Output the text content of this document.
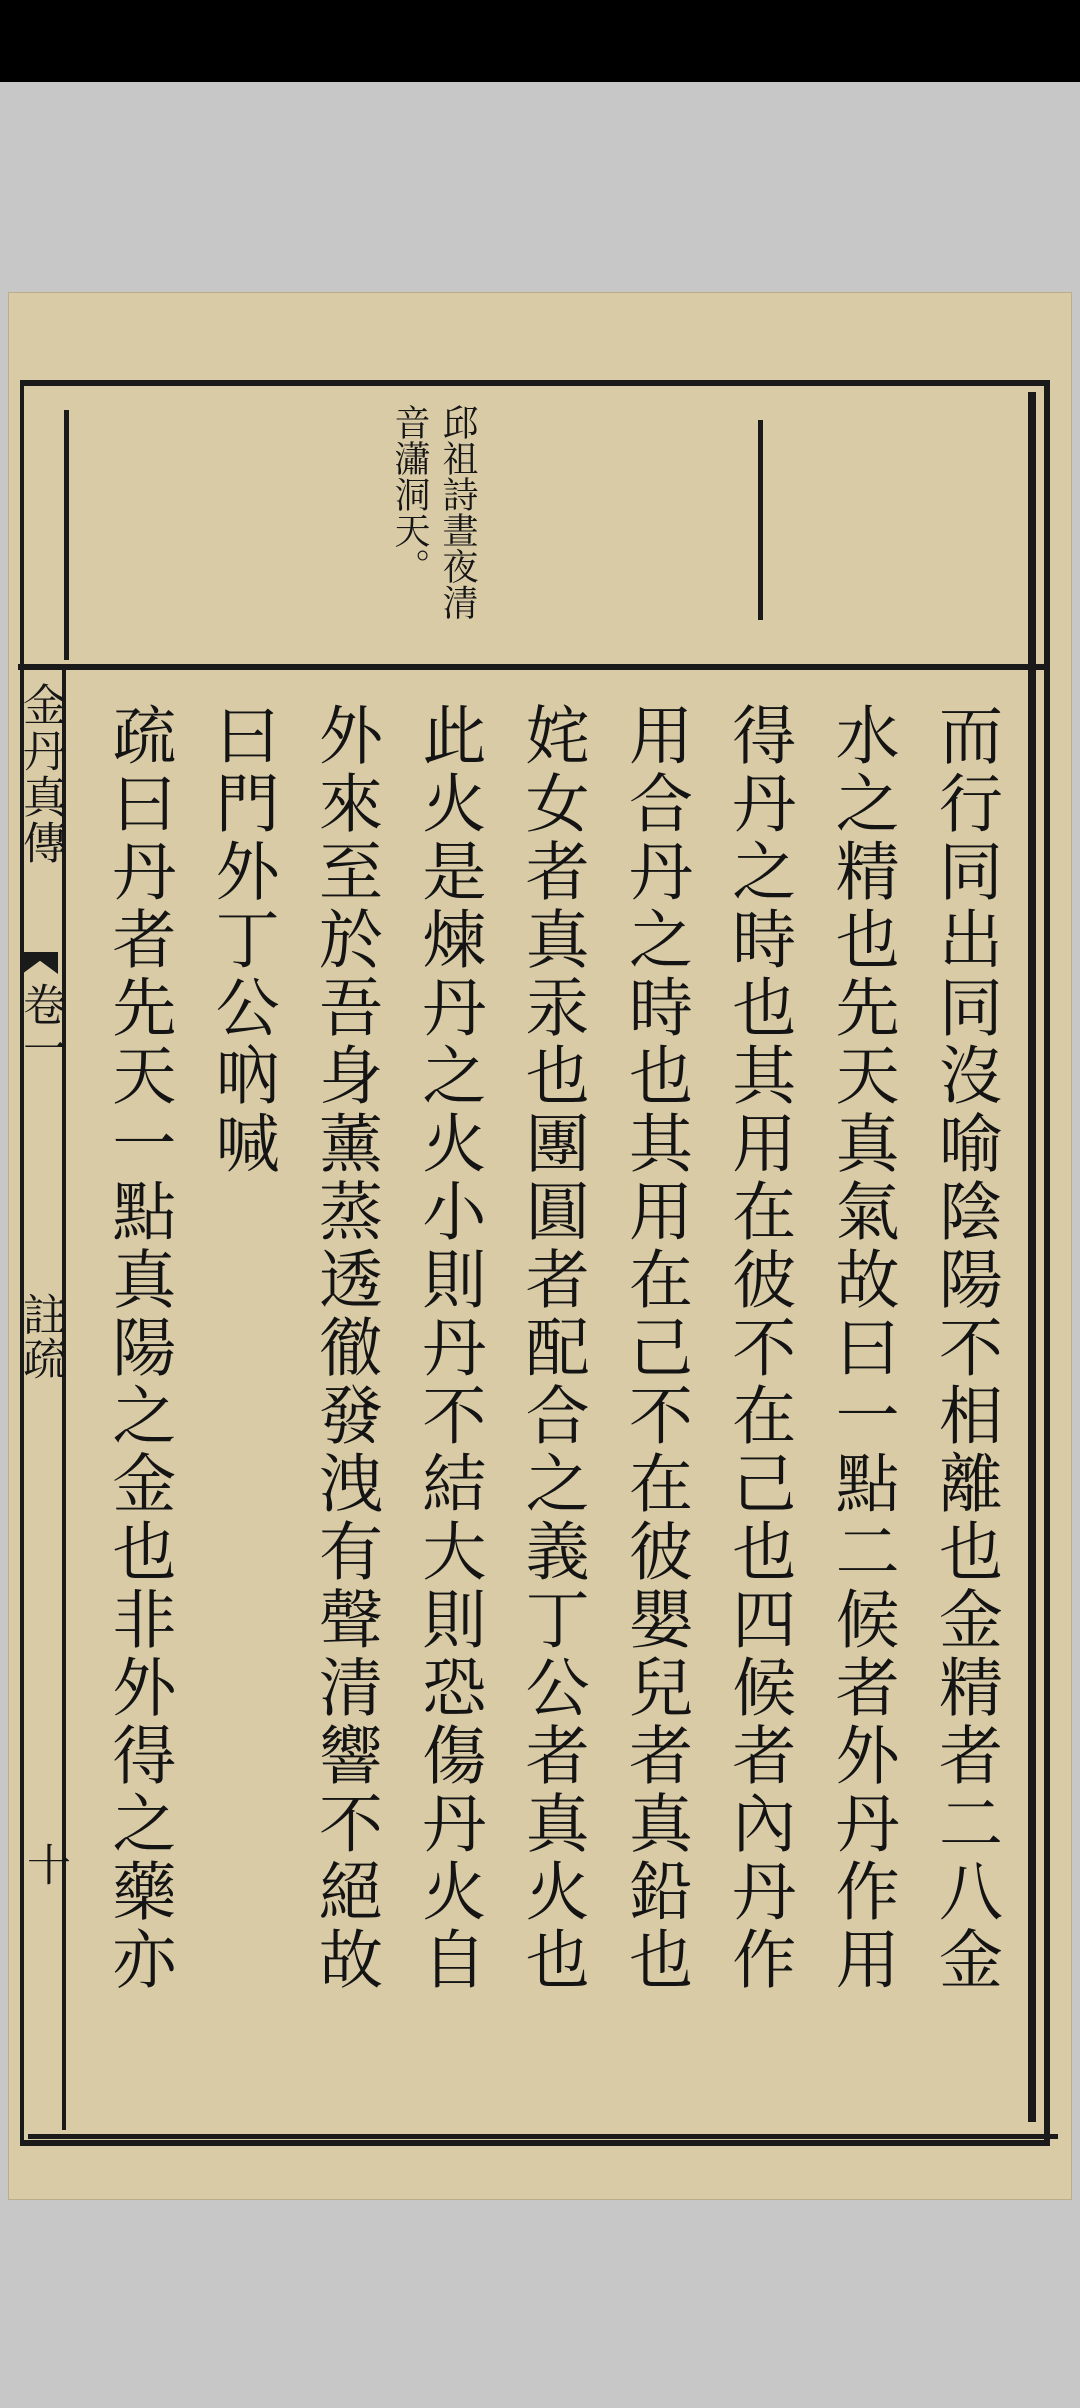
邱祖詩晝夜清
音瀟洞天。
金丹真傳
卷一
註疏
十	而行同出同沒喻陰陽不相離也金精者二八金
水之精也先天真氣故曰一點二候者外丹作用
得丹之時也其用在彼不在己也四候者內丹作
用合丹之時也其用在己不在彼嬰兒者真鉛也
姹女者真汞也團圓者配合之義丁公者真火也
此火是煉丹之火小則丹不結大則恐傷丹火自
外來至於吾身薰蒸透徹發洩有聲清響不絕故
曰門外丁公吶喊
疏曰丹者先天一點真陽之金也非外得之藥亦
